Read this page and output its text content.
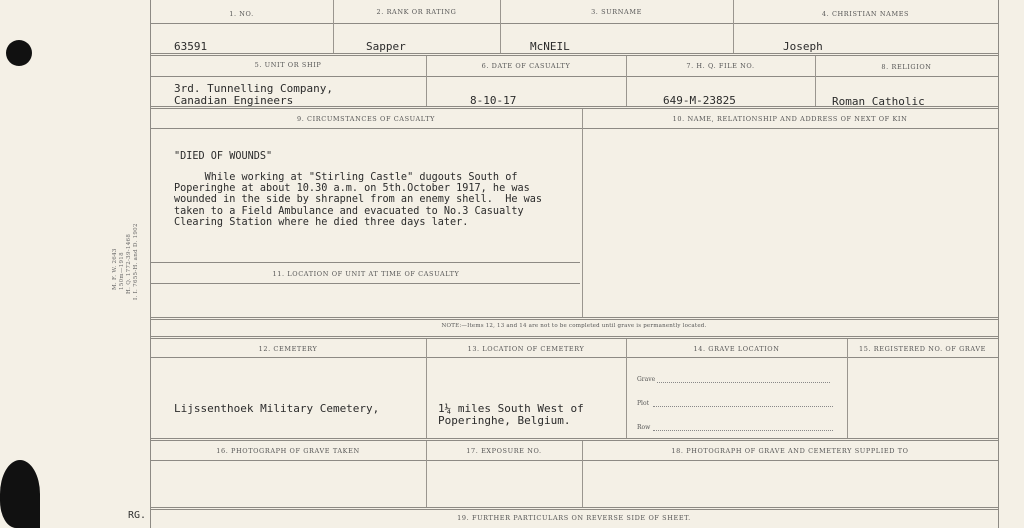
M. F. W. 2643 150m—1918 H. Q. 1772-39-1468 I. I. 7655-H. and D. 1902
RG.
1. NO.	2. RANK OR RATING	3. SURNAME	4. CHRISTIAN NAMES
63591	Sapper	McNEIL	Joseph
5. UNIT OR SHIP	6. DATE OF CASUALTY	7. H. Q. FILE NO.	8. RELIGION
3rd. Tunnelling Company,
Canadian Engineers	8-10-17	649-M-23825	Roman Catholic
9. CIRCUMSTANCES OF CASUALTY	10. NAME, RELATIONSHIP AND ADDRESS OF NEXT OF KIN
"DIED OF WOUNDS"
While working at "Stirling Castle" dugouts South of
Poperinghe at about 10.30 a.m. on 5th.October 1917, he was
wounded in the side by shrapnel from an enemy shell.  He was
taken to a Field Ambulance and evacuated to No.3 Casualty
Clearing Station where he died three days later.
11. LOCATION OF UNIT AT TIME OF CASUALTY
NOTE:—Items 12, 13 and 14 are not to be completed until grave is permanently located.
12. CEMETERY	13. LOCATION OF CEMETERY	14. GRAVE LOCATION	15. REGISTERED NO. OF GRAVE
Lijssenthoek Military Cemetery,	1¼ miles South West of
Poperinghe, Belgium.
Grave
Plot
Row
16. PHOTOGRAPH OF GRAVE TAKEN	17. EXPOSURE NO.	18. PHOTOGRAPH OF GRAVE AND CEMETERY SUPPLIED TO
19. FURTHER PARTICULARS ON REVERSE SIDE OF SHEET.
